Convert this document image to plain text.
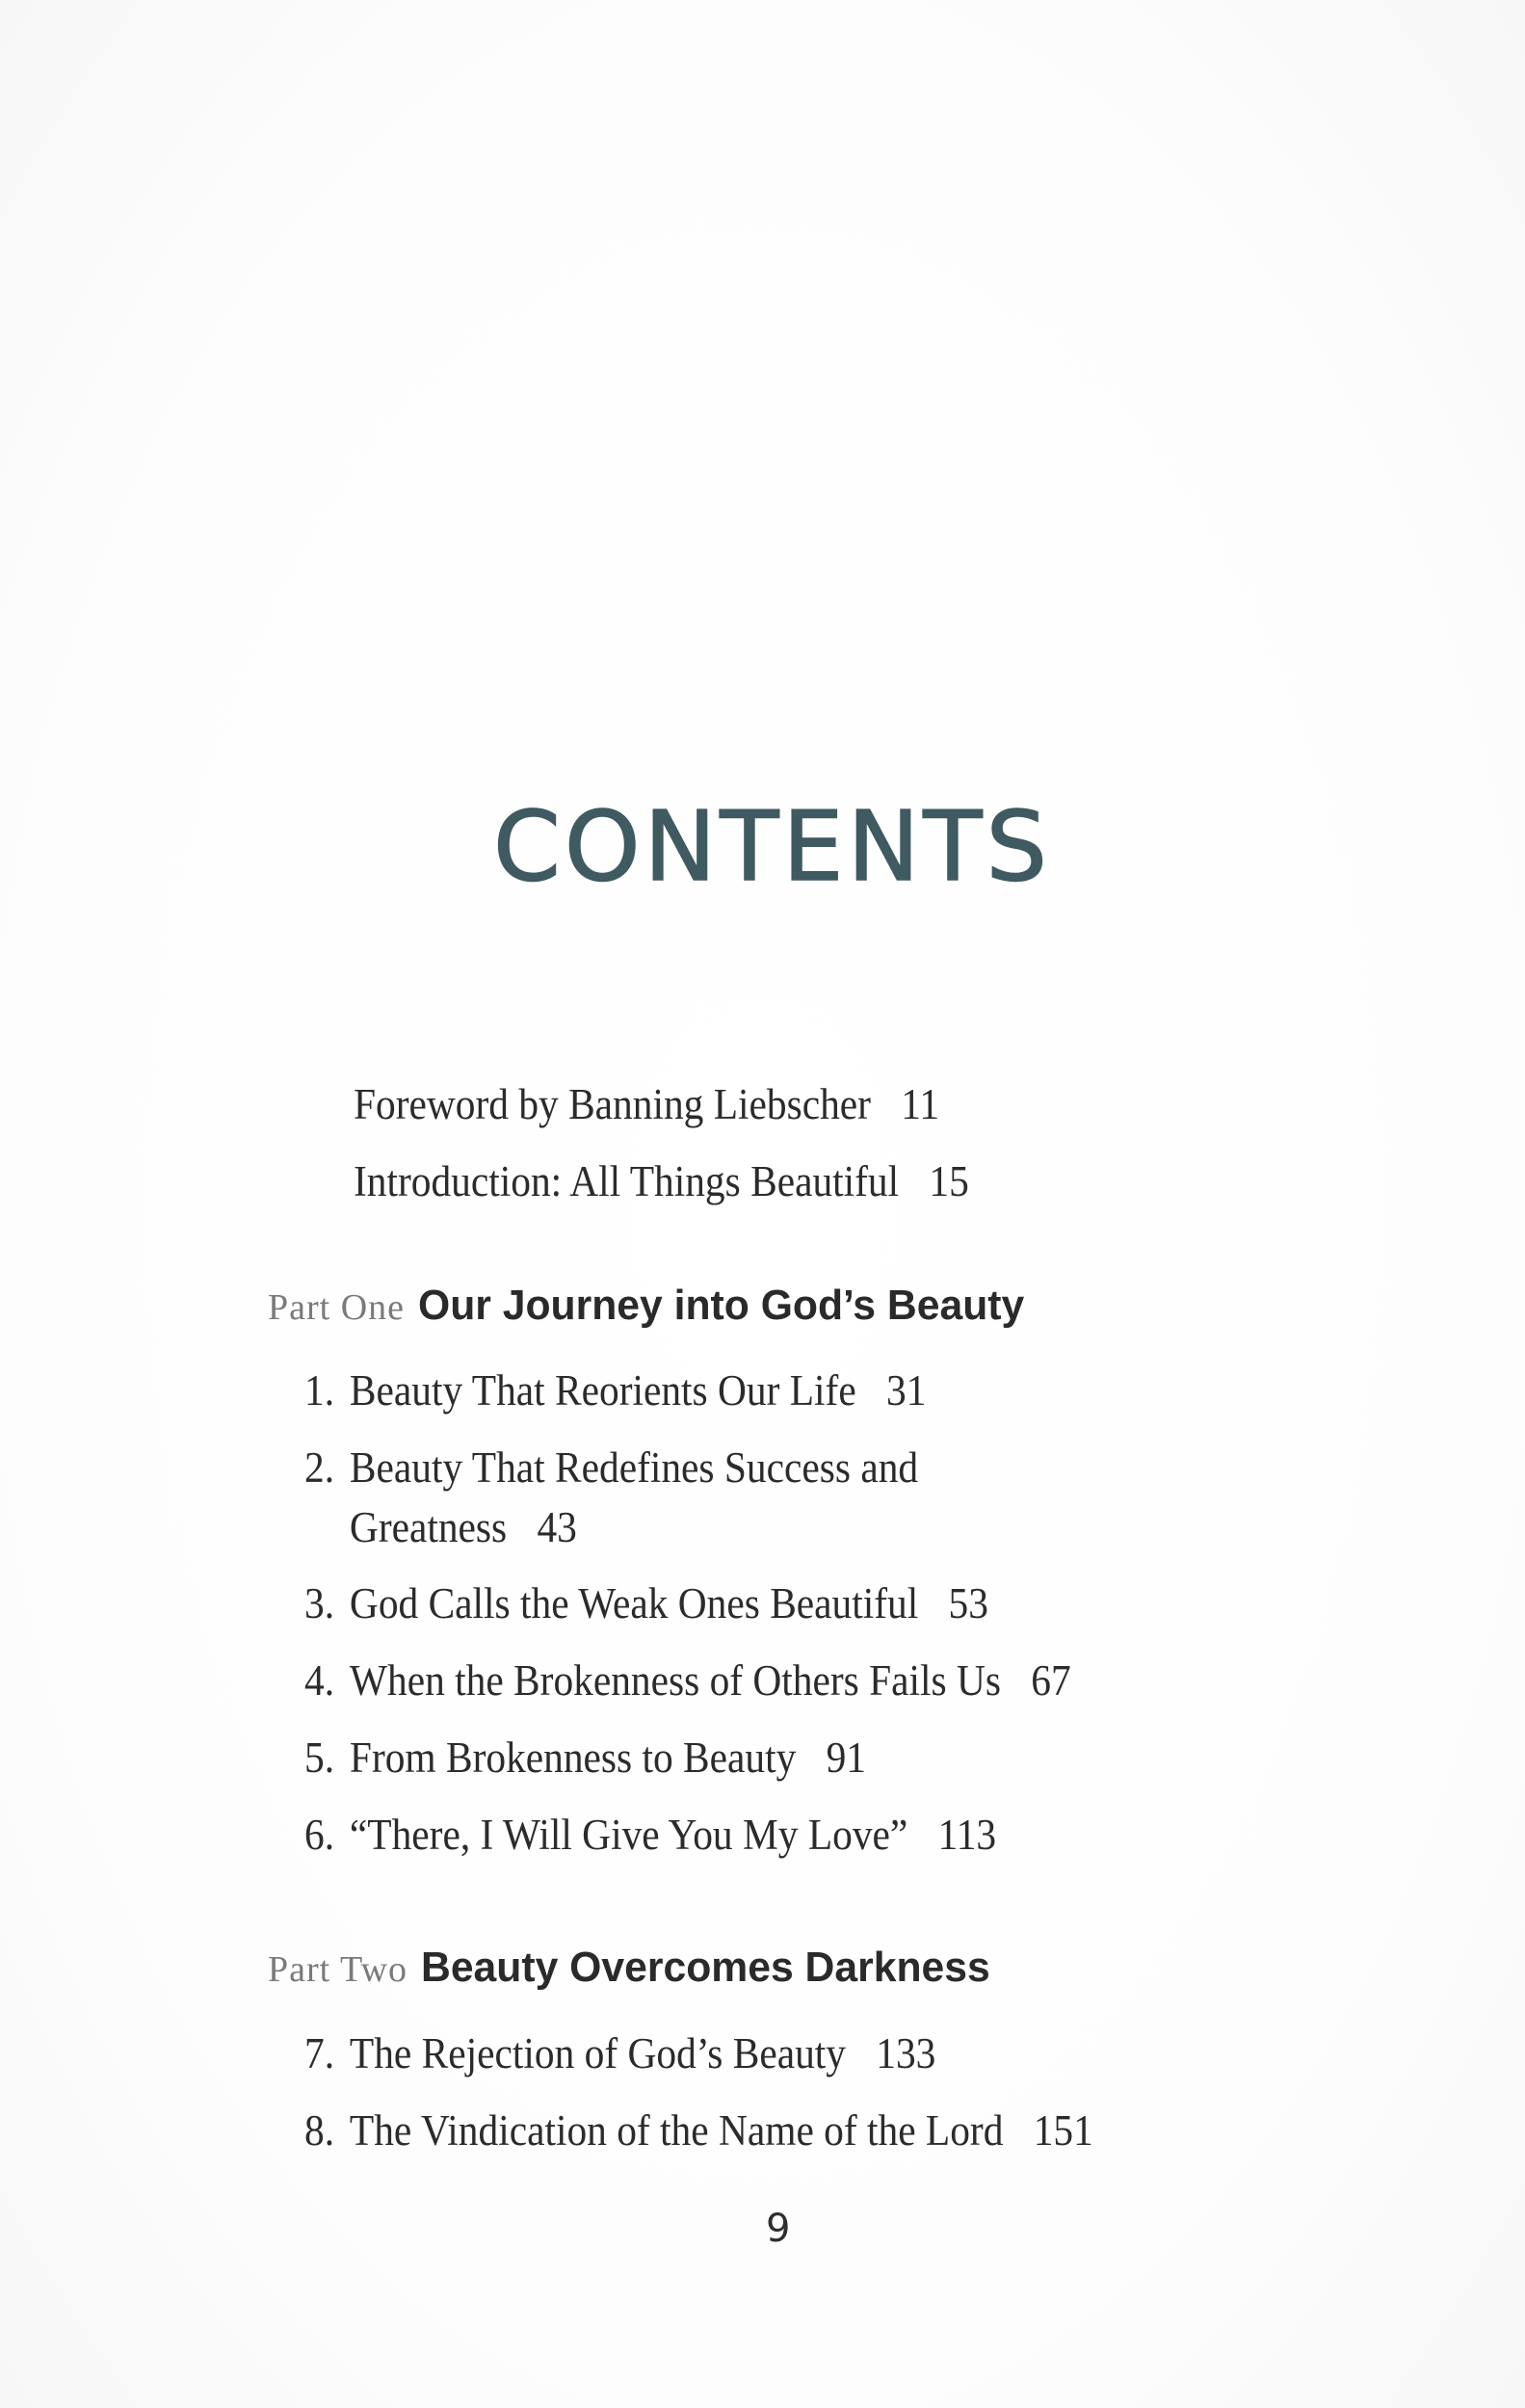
CONTENTS
Foreword by Banning Liebscher 11
Introduction: All Things Beautiful 15
Part One Our Journey into God’s Beauty
1. Beauty That Reorients Our Life 31
2. Beauty That Redefines Success and
Greatness 43
3. God Calls the Weak Ones Beautiful 53
4. When the Brokenness of Others Fails Us 67
5. From Brokenness to Beauty 91
6. “There, I Will Give You My Love” 113
Part Two Beauty Overcomes Darkness
7. The Rejection of God’s Beauty 133
8. The Vindication of the Name of the Lord 151
9
